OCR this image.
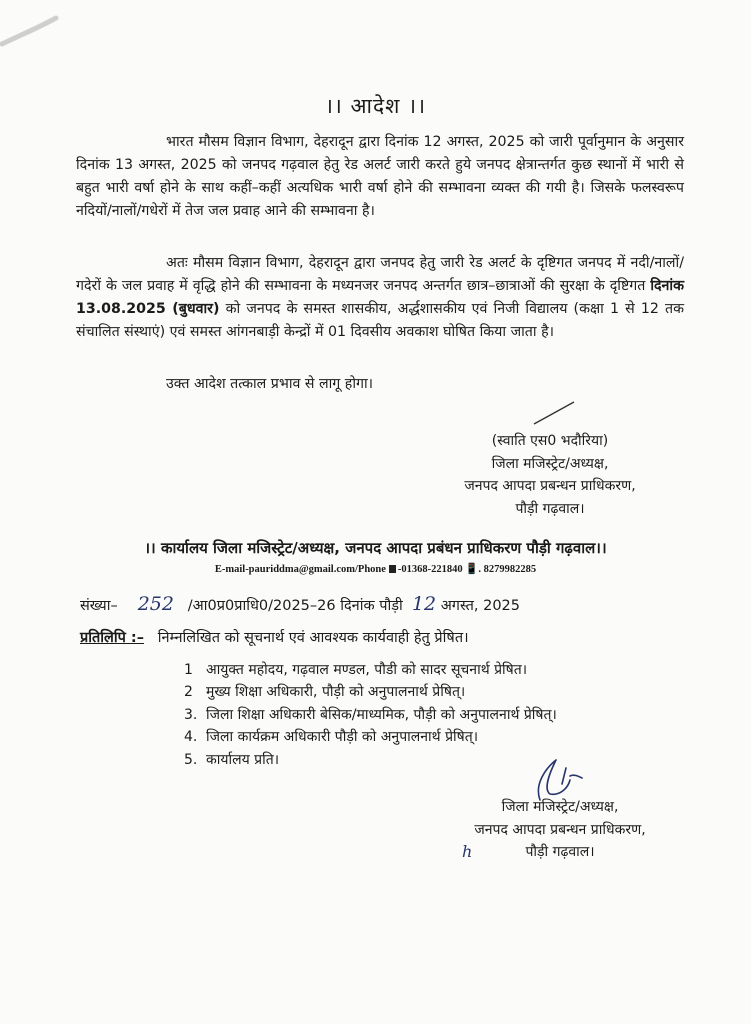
।। आदेश ।।
भारत मौसम विज्ञान विभाग, देहरादून द्वारा दिनांक 12 अगस्त, 2025 को जारी पूर्वानुमान के अनुसार दिनांक 13 अगस्त, 2025 को जनपद गढ़वाल हेतु रेड अलर्ट जारी करते हुये जनपद क्षेत्रान्तर्गत कुछ स्थानों में भारी से बहुत भारी वर्षा होने के साथ कहीं–कहीं अत्यधिक भारी वर्षा होने की सम्भावना व्यक्त की गयी है। जिसके फलस्वरूप नदियों/नालों/गधेरों में तेज जल प्रवाह आने की सम्भावना है।
अतः मौसम विज्ञान विभाग, देहरादून द्वारा जनपद हेतु जारी रेड अलर्ट के दृष्टिगत जनपद में नदी/नालों/गदेरों के जल प्रवाह में वृद्धि होने की सम्भावना के मध्यनजर जनपद अन्तर्गत छात्र–छात्राओं की सुरक्षा के दृष्टिगत दिनांक 13.08.2025 (बुधवार) को जनपद के समस्त शासकीय, अर्द्धशासकीय एवं निजी विद्यालय (कक्षा 1 से 12 तक संचालित संस्थाएं) एवं समस्त आंगनबाड़ी केन्द्रों में 01 दिवसीय अवकाश घोषित किया जाता है।
उक्त आदेश तत्काल प्रभाव से लागू होगा।
(स्वाति एस0 भदौरिया)
जिला मजिस्ट्रेट/अध्यक्ष,
जनपद आपदा प्रबन्धन प्राधिकरण,
पौड़ी गढ़वाल।
।। कार्यालय जिला मजिस्ट्रेट/अध्यक्ष, जनपद आपदा प्रबंधन प्राधिकरण पौड़ी गढ़वाल।।
E-mail-pauriddma@gmail.com/Phone -01368-221840 📱. 8279982285
संख्या– 252 /आ0प्र0प्राधि0/2025–26 दिनांक पौड़ी 12 अगस्त, 2025
प्रतिलिपि :– निम्नलिखित को सूचनार्थ एवं आवश्यक कार्यवाही हेतु प्रेषित।
1 आयुक्त महोदय, गढ़वाल मण्डल, पौडी को सादर सूचनार्थ प्रेषित।
2 मुख्य शिक्षा अधिकारी, पौड़ी को अनुपालनार्थ प्रेषित्।
3. जिला शिक्षा अधिकारी बेसिक/माध्यमिक, पौड़ी को अनुपालनार्थ प्रेषित्।
4. जिला कार्यक्रम अधिकारी पौड़ी को अनुपालनार्थ प्रेषित्।
5. कार्यालय प्रति।
जिला मजिस्ट्रेट/अध्यक्ष,
जनपद आपदा प्रबन्धन प्राधिकरण,
पौड़ी गढ़वाल।
h
